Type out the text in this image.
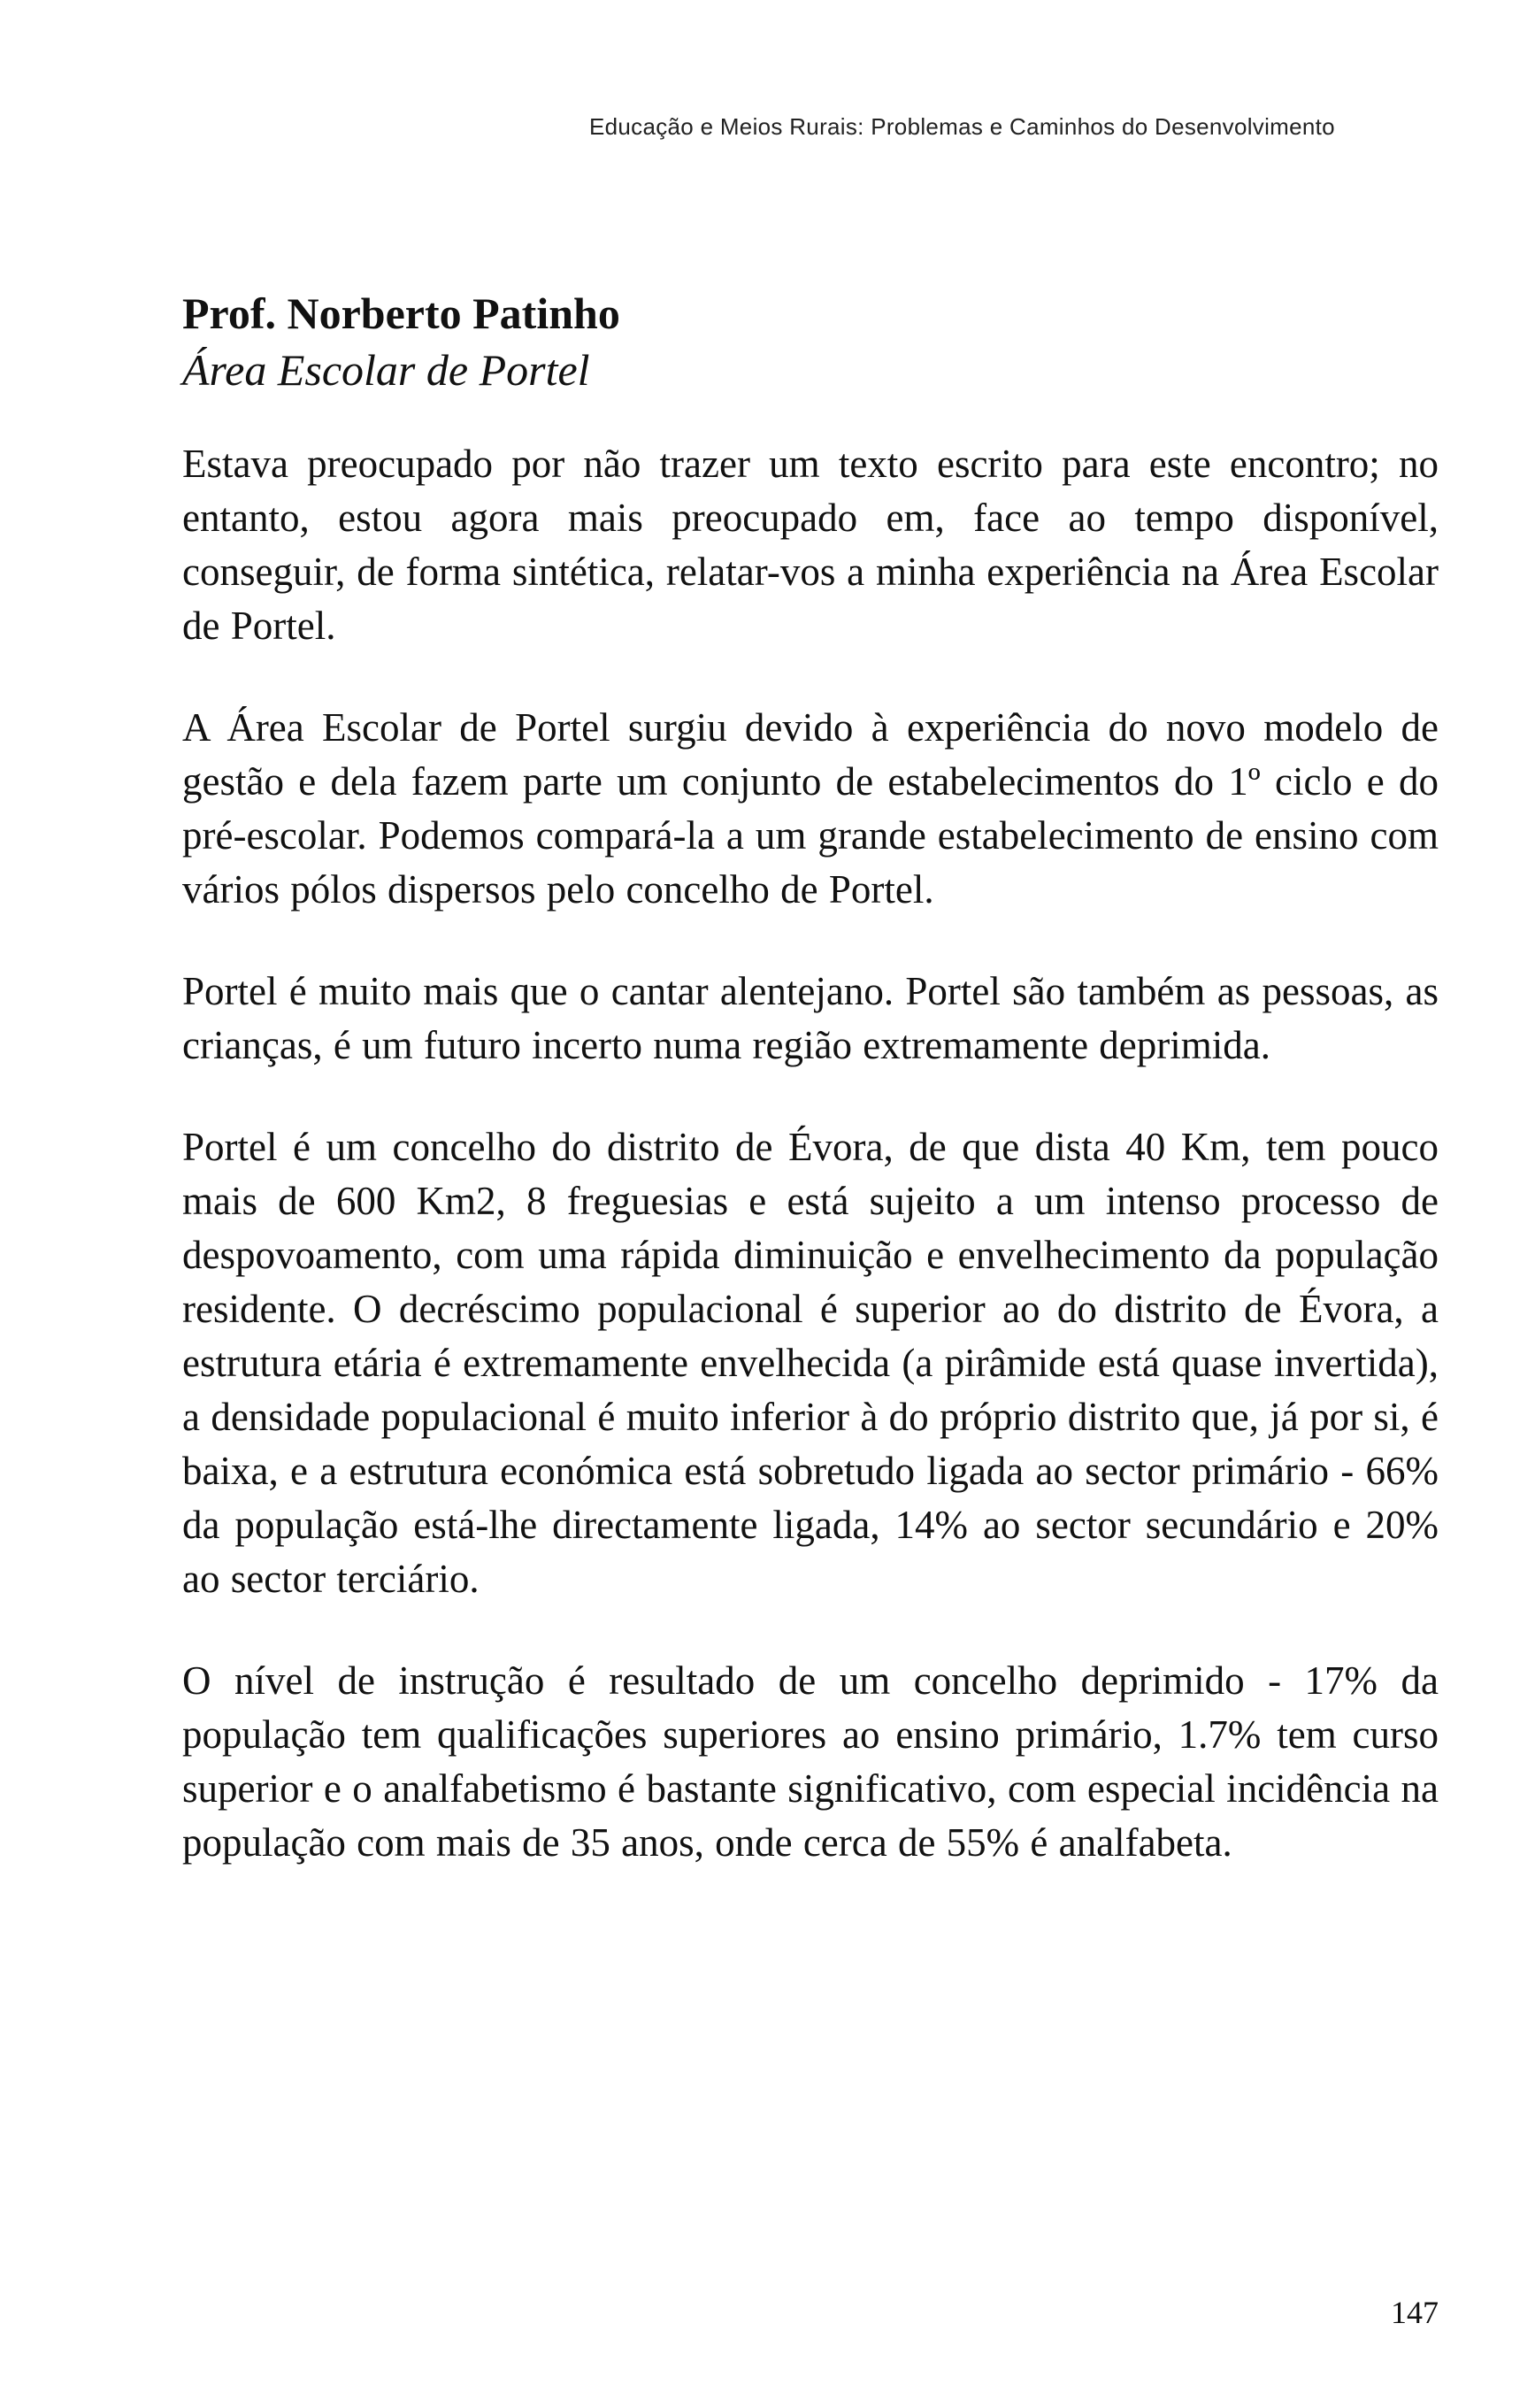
Educação e Meios Rurais: Problemas e Caminhos do Desenvolvimento

Prof. Norberto Patinho

Área Escolar de Portel

Estava preocupado por não trazer um texto escrito para este encontro; no entanto, estou agora mais preocupado em, face ao tempo disponível, conseguir, de forma sintética, relatar-vos a minha experiência na Área Escolar de Portel.

A Área Escolar de Portel surgiu devido à experiência do novo modelo de gestão e dela fazem parte um conjunto de estabelecimentos do 1º ciclo e do pré-escolar. Podemos compará-la a um grande estabelecimento de ensino com vários pólos dispersos pelo concelho de Portel.

Portel é muito mais que o cantar alentejano. Portel são também as pessoas, as crianças, é um futuro incerto numa região extremamente deprimida.

Portel é um concelho do distrito de Évora, de que dista 40 Km, tem pouco mais de 600 Km2, 8 freguesias e está sujeito a um intenso processo de despovoamento, com uma rápida diminuição e envelhecimento da população residente. O decréscimo populacional é superior ao do distrito de Évora, a estrutura etária é extremamente envelhecida (a pirâmide está quase invertida), a densidade populacional é muito inferior à do próprio distrito que, já por si, é baixa, e a estrutura económica está sobretudo ligada ao sector primário - 66% da população está-lhe directamente ligada, 14% ao sector secundário e 20% ao sector terciário.

O nível de instrução é resultado de um concelho deprimido - 17% da população tem qualificações superiores ao ensino primário, 1.7% tem curso superior e o analfabetismo é bastante significativo, com especial incidência na população com mais de 35 anos, onde cerca de 55% é analfabeta.

147
